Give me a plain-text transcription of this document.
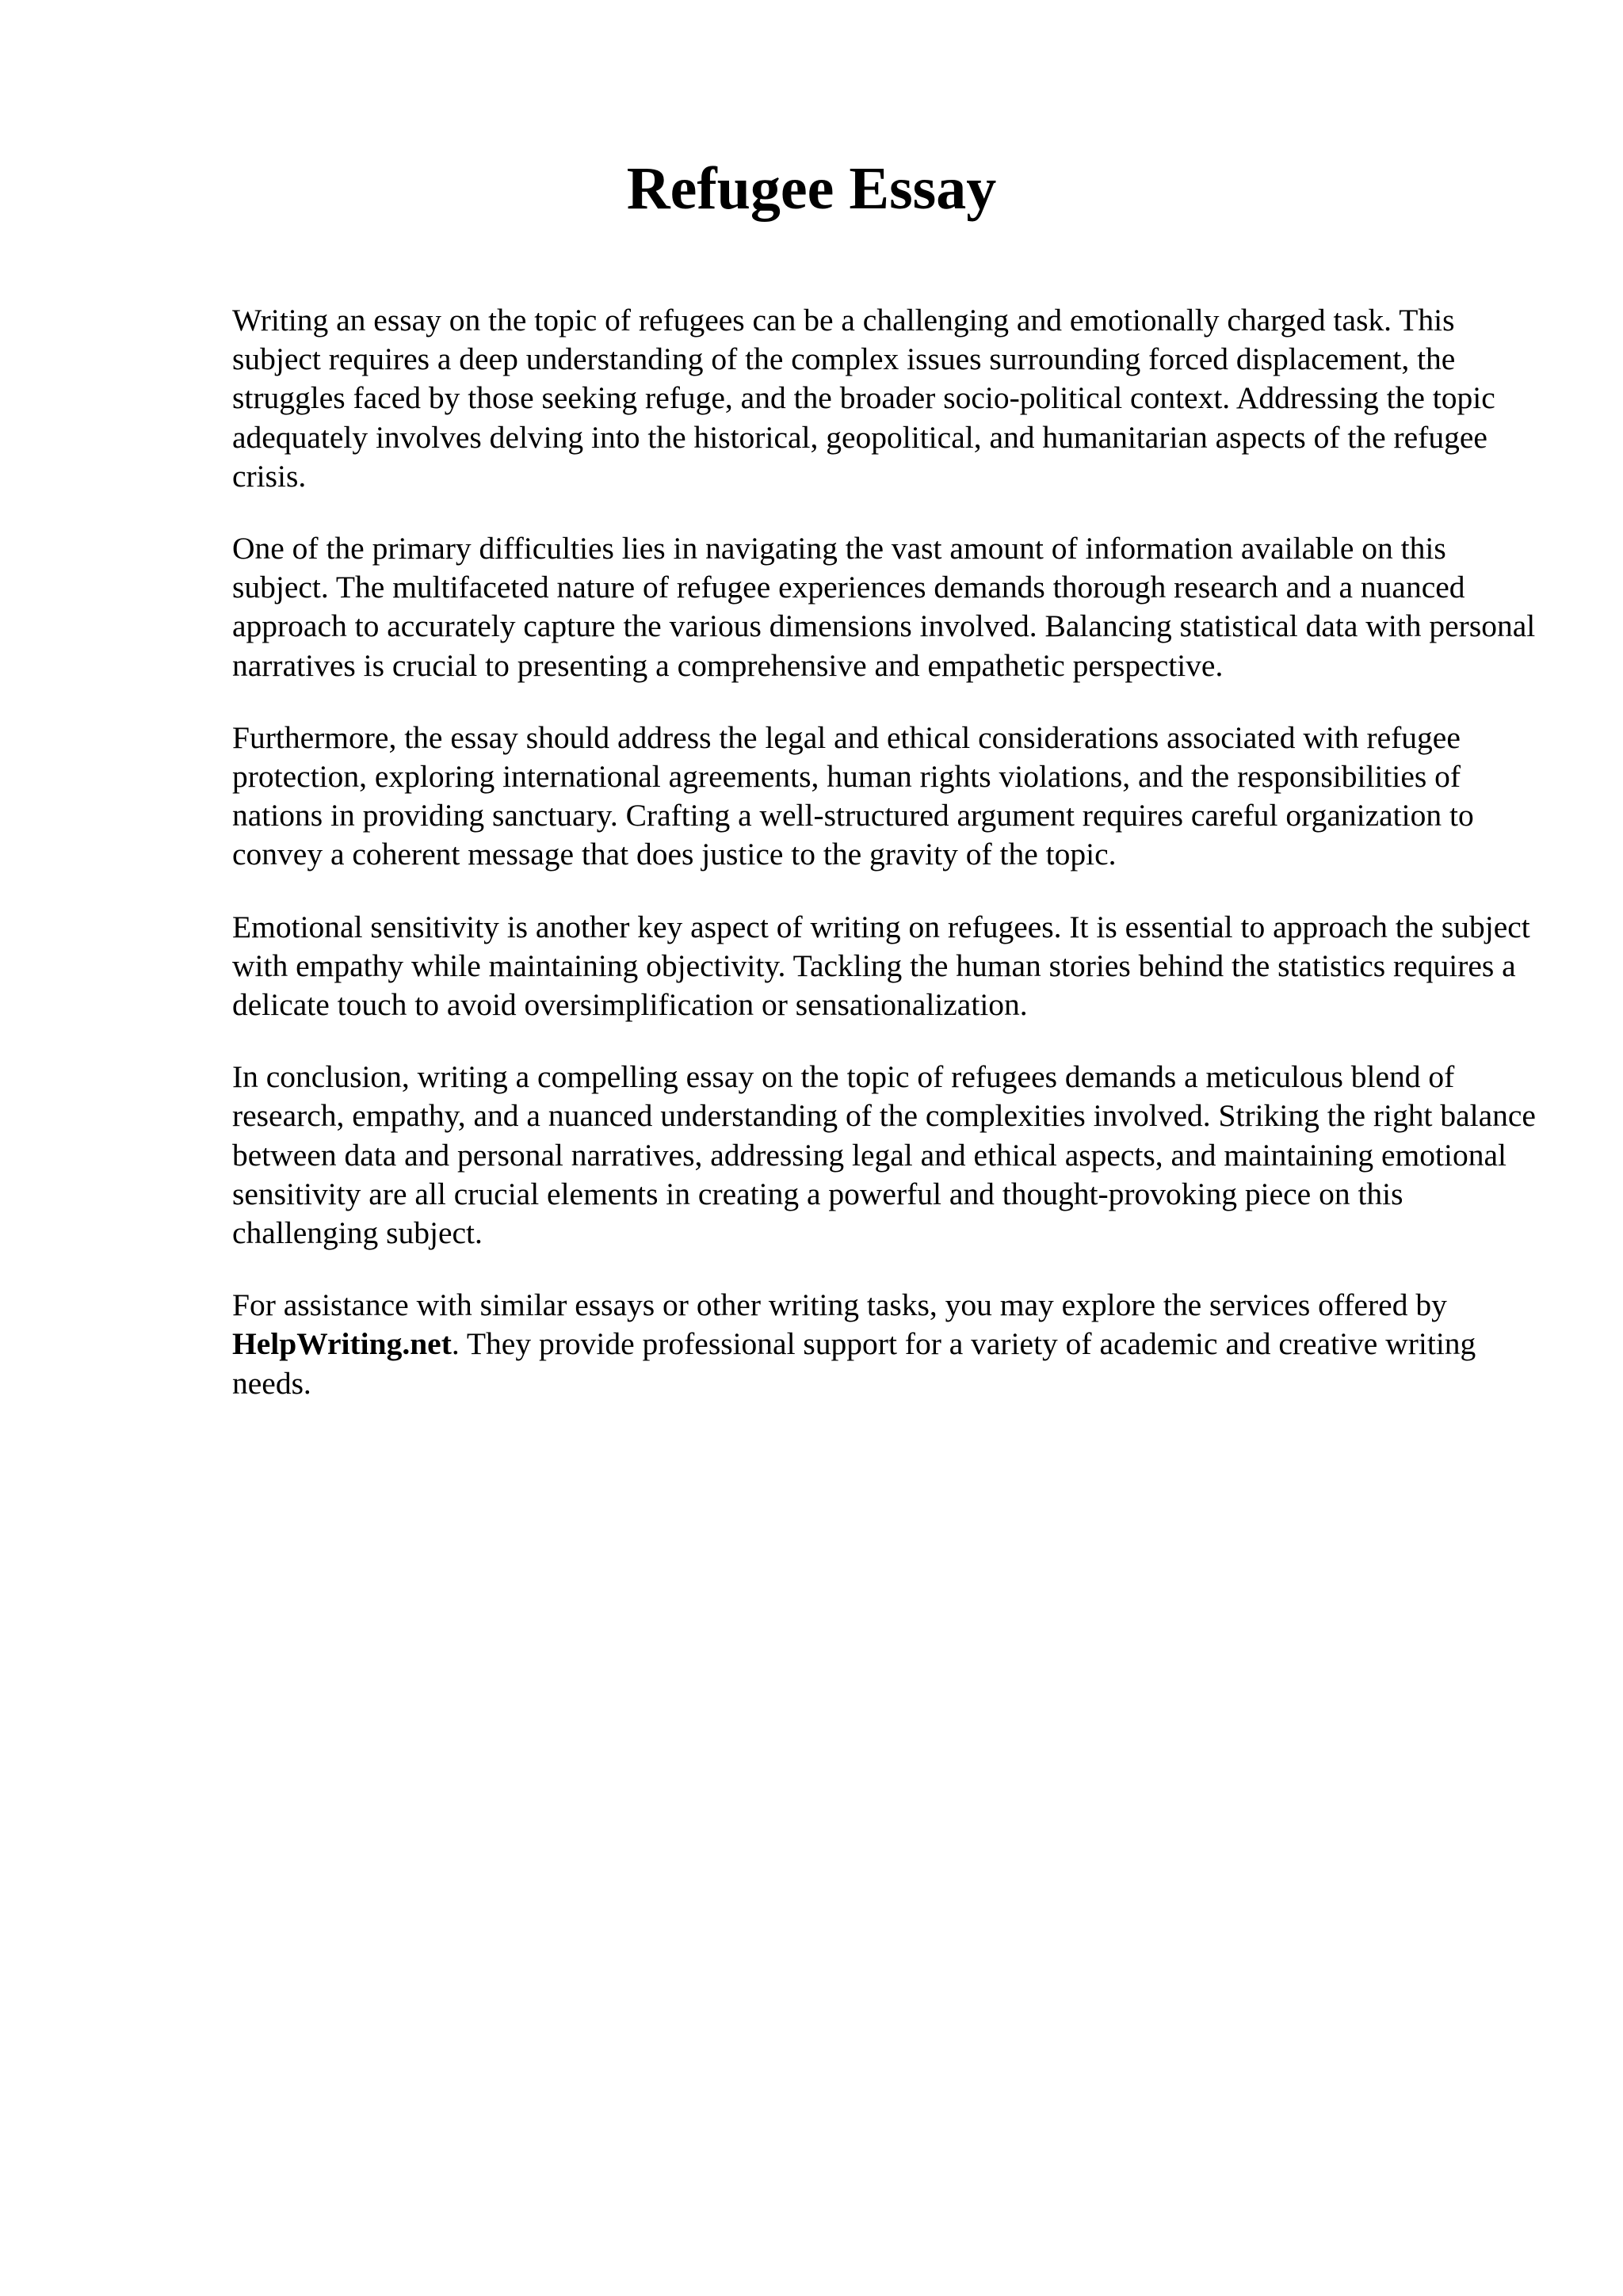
Refugee Essay

Writing an essay on the topic of refugees can be a challenging and emotionally charged task. This subject requires a deep understanding of the complex issues surrounding forced displacement, the struggles faced by those seeking refuge, and the broader socio-political context. Addressing the topic adequately involves delving into the historical, geopolitical, and humanitarian aspects of the refugee crisis.

One of the primary difficulties lies in navigating the vast amount of information available on this subject. The multifaceted nature of refugee experiences demands thorough research and a nuanced approach to accurately capture the various dimensions involved. Balancing statistical data with personal narratives is crucial to presenting a comprehensive and empathetic perspective.

Furthermore, the essay should address the legal and ethical considerations associated with refugee protection, exploring international agreements, human rights violations, and the responsibilities of nations in providing sanctuary. Crafting a well-structured argument requires careful organization to convey a coherent message that does justice to the gravity of the topic.

Emotional sensitivity is another key aspect of writing on refugees. It is essential to approach the subject with empathy while maintaining objectivity. Tackling the human stories behind the statistics requires a delicate touch to avoid oversimplification or sensationalization.

In conclusion, writing a compelling essay on the topic of refugees demands a meticulous blend of research, empathy, and a nuanced understanding of the complexities involved. Striking the right balance between data and personal narratives, addressing legal and ethical aspects, and maintaining emotional sensitivity are all crucial elements in creating a powerful and thought-provoking piece on this challenging subject.

For assistance with similar essays or other writing tasks, you may explore the services offered by HelpWriting.net. They provide professional support for a variety of academic and creative writing needs.
